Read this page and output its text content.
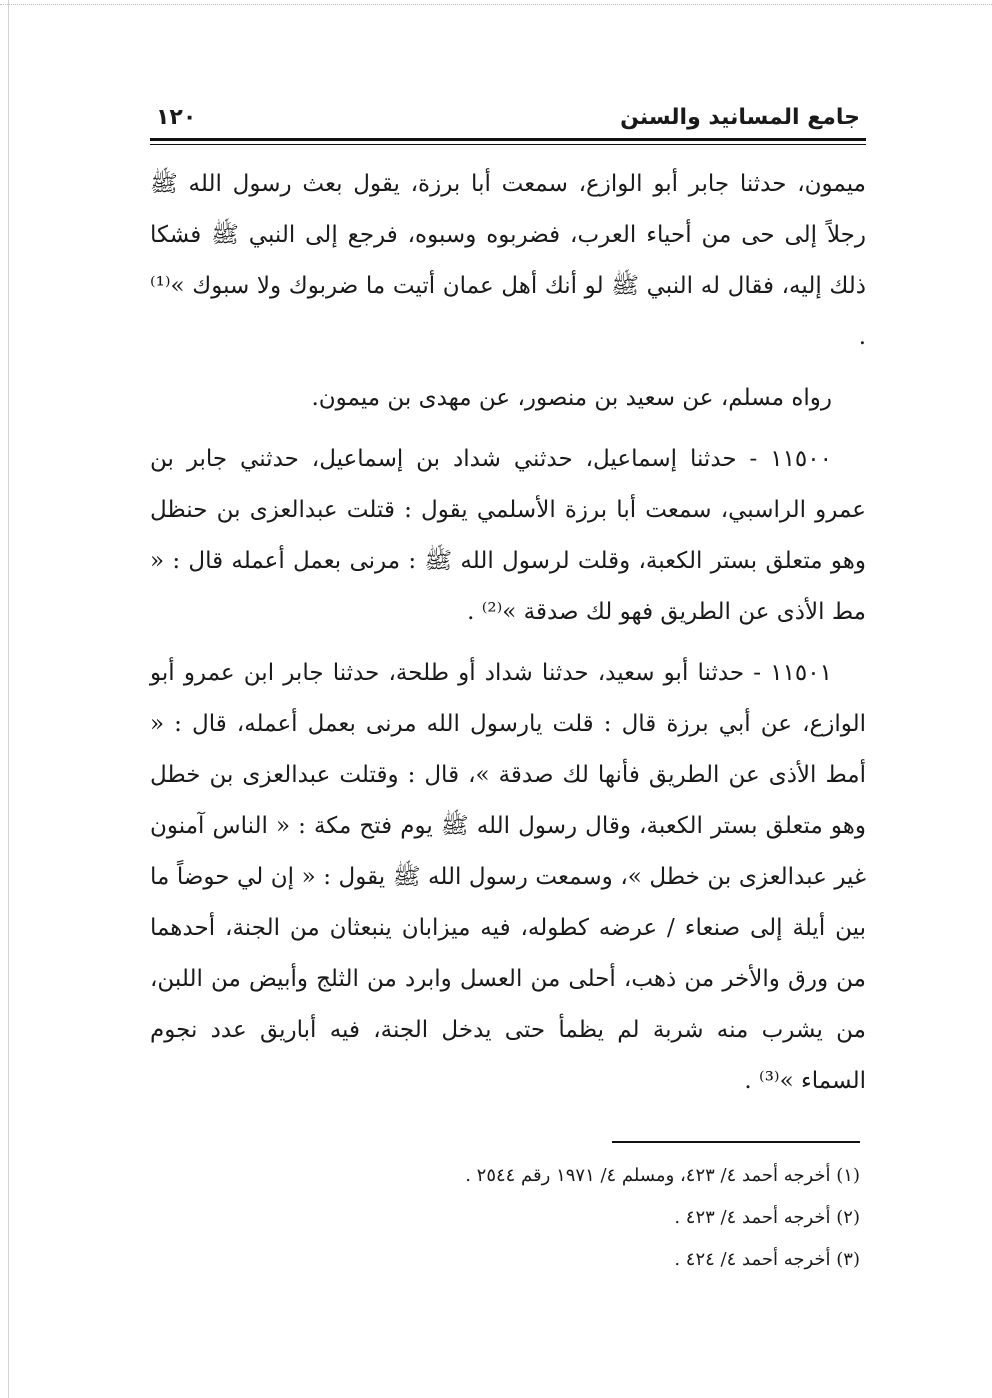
جامع المسانيد والسنن
١٢٠

ميمون، حدثنا جابر أبو الوازع، سمعت أبا برزة، يقول بعث رسول الله ﷺ رجلاً إلى حى من أحياء العرب، فضربوه وسبوه، فرجع إلى النبي ﷺ فشكا ذلك إليه، فقال له النبي ﷺ لو أنك أهل عمان أتيت ما ضربوك ولا سبوك »⁽¹⁾ .

رواه مسلم، عن سعيد بن منصور، عن مهدى بن ميمون.

١١٥٠٠ - حدثنا إسماعيل، حدثني شداد بن إسماعيل، حدثني جابر بن عمرو الراسبي، سمعت أبا برزة الأسلمي يقول : قتلت عبدالعزى بن حنظل وهو متعلق بستر الكعبة، وقلت لرسول الله ﷺ : مرنى بعمل أعمله قال : « مط الأذى عن الطريق فهو لك صدقة »⁽²⁾ .

١١٥٠١ - حدثنا أبو سعيد، حدثنا شداد أو طلحة، حدثنا جابر ابن عمرو أبو الوازع، عن أبي برزة قال : قلت يارسول الله مرنى بعمل أعمله، قال : « أمط الأذى عن الطريق فأنها لك صدقة »، قال : وقتلت عبدالعزى بن خطل وهو متعلق بستر الكعبة، وقال رسول الله ﷺ يوم فتح مكة : « الناس آمنون غير عبدالعزى بن خطل »، وسمعت رسول الله ﷺ يقول : « إن لي حوضاً ما بين أيلة إلى صنعاء / عرضه كطوله، فيه ميزابان ينبعثان من الجنة، أحدهما من ورق والأخر من ذهب، أحلى من العسل وابرد من الثلج وأبيض من اللبن، من يشرب منه شربة لم يظمأ حتى يدخل الجنة، فيه أباريق عدد نجوم السماء »⁽³⁾ .

(١) أخرجه أحمد ٤/ ٤٢٣، ومسلم ٤/ ١٩٧١ رقم ٢٥٤٤ .

(٢) أخرجه أحمد ٤/ ٤٢٣ .

(٣) أخرجه أحمد ٤/ ٤٢٤ .
